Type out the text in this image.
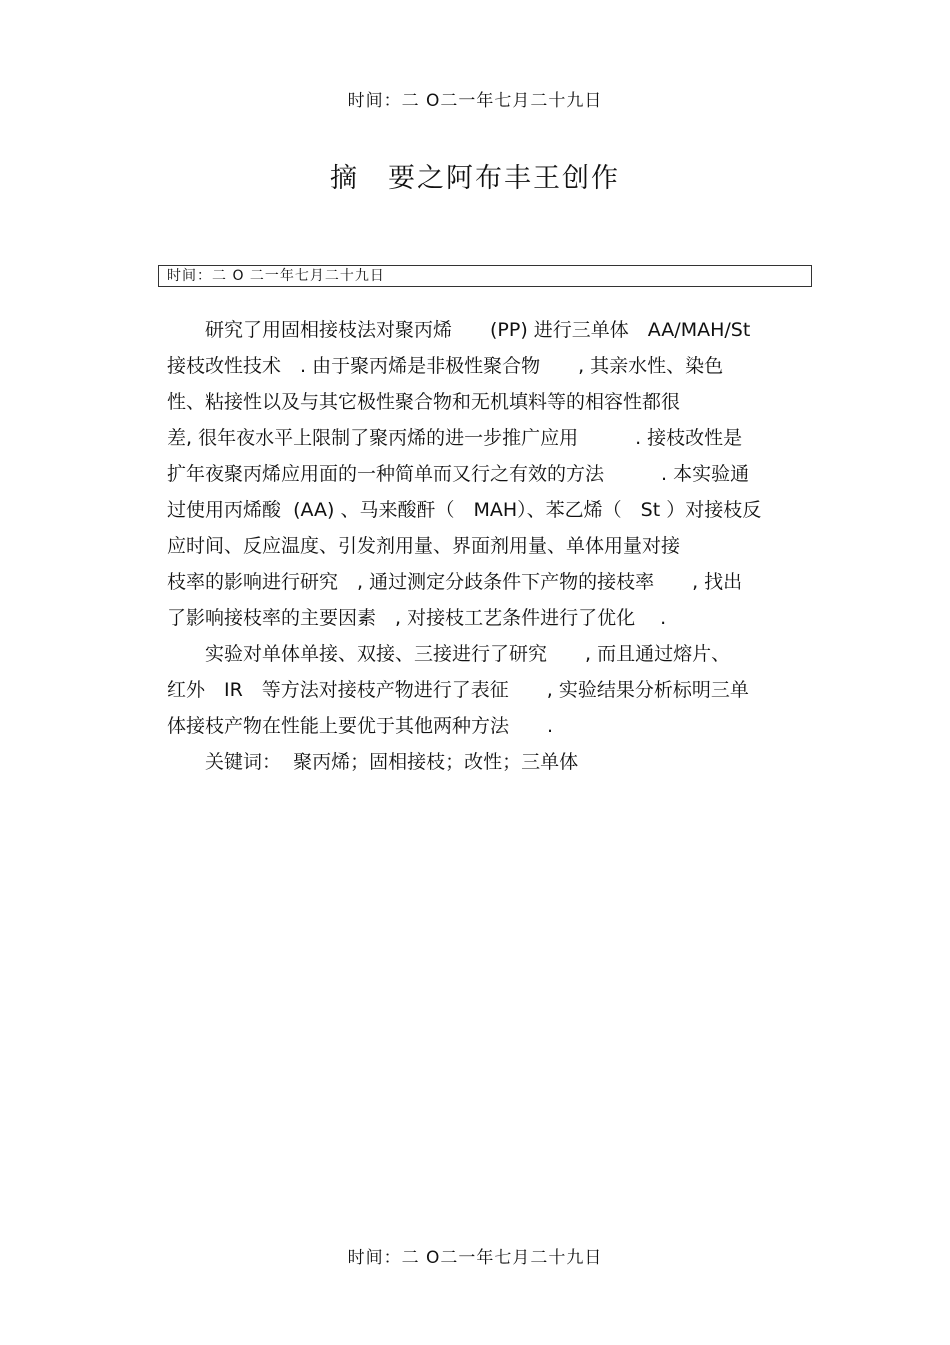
时间：二 O二一年七月二十九日
摘　要之阿布丰王创作
时间：二 O 二一年七月二十九日
　　研究了用固相接枝法对聚丙烯　　(PP) 进行三单体　AA/MAH/St
接枝改性技术　. 由于聚丙烯是非极性聚合物　　, 其亲水性、染色
性、粘接性以及与其它极性聚合物和无机填料等的相容性都很
差, 很年夜水平上限制了聚丙烯的进一步推广应用　　　. 接枝改性是
扩年夜聚丙烯应用面的一种简单而又行之有效的方法　　　. 本实验通
过使用丙烯酸  (AA) 、马来酸酐（　MAH）、苯乙烯（　St ）对接枝反
应时间、反应温度、引发剂用量、界面剂用量、单体用量对接
枝率的影响进行研究　, 通过测定分歧条件下产物的接枝率　　, 找出
了影响接枝率的主要因素　, 对接枝工艺条件进行了优化　 .
　　实验对单体单接、双接、三接进行了研究　　, 而且通过熔片、
红外　IR　等方法对接枝产物进行了表征　　, 实验结果分析标明三单
体接枝产物在性能上要优于其他两种方法　　.
　　关键词：  聚丙烯；固相接枝；改性；三单体
时间：二 O二一年七月二十九日
